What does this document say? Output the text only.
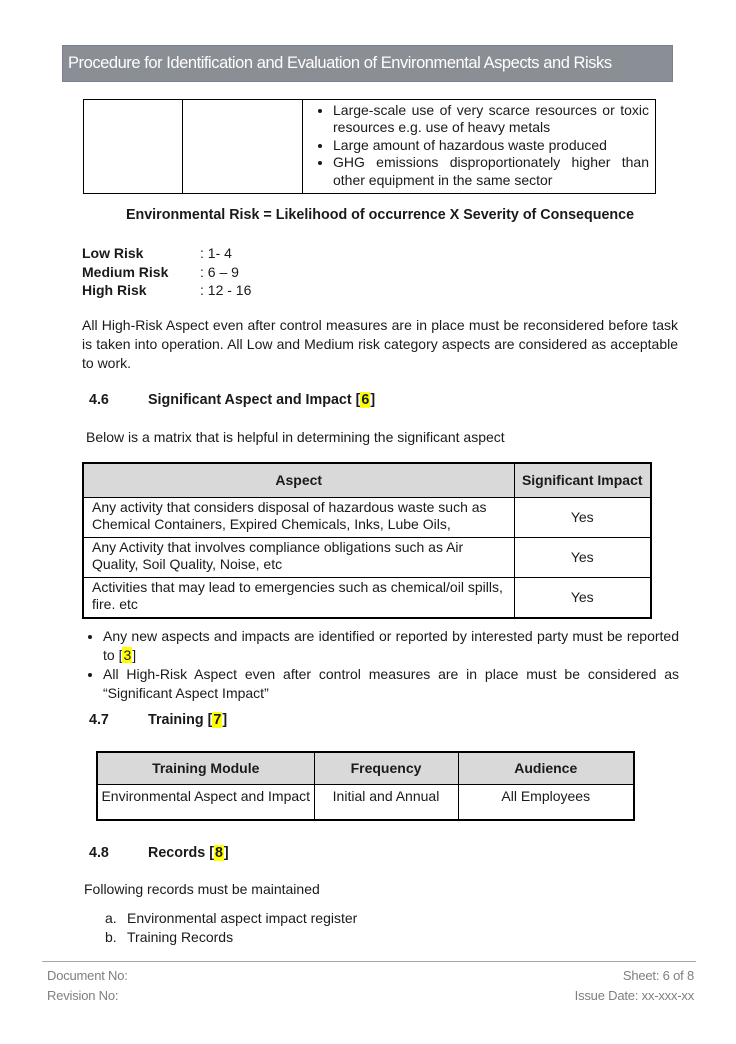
Procedure for Identification and Evaluation of Environmental Aspects and Risks

• Large-scale use of very scarce resources or toxic resources e.g. use of heavy metals
• Large amount of hazardous waste produced
• GHG emissions disproportionately higher than other equipment in the same sector

Environmental Risk = Likelihood of occurrence X Severity of Consequence

Low Risk	: 1- 4
Medium Risk	: 6 – 9
High Risk	: 12 - 16

All High-Risk Aspect even after control measures are in place must be reconsidered before task is taken into operation. All Low and Medium risk category aspects are considered as acceptable to work.

4.6	Significant Aspect and Impact [6]

Below is a matrix that is helpful in determining the significant aspect

Aspect	Significant Impact
Any activity that considers disposal of hazardous waste such as Chemical Containers, Expired Chemicals, Inks, Lube Oils,	Yes
Any Activity that involves compliance obligations such as Air Quality, Soil Quality, Noise, etc	Yes
Activities that may lead to emergencies such as chemical/oil spills, fire. etc	Yes
• Any new aspects and impacts are identified or reported by interested party must be reported to [3]
• All High-Risk Aspect even after control measures are in place must be considered as “Significant Aspect Impact”
4.7	Training [7]
Training Module	Frequency	Audience
Environmental Aspect and Impact	Initial and Annual	All Employees
4.8	Records [8]

Following records must be maintained

a. Environmental aspect impact register
b. Training Records
Document No:
Revision No:
Sheet: 6 of 8
Issue Date: xx-xxx-xx
